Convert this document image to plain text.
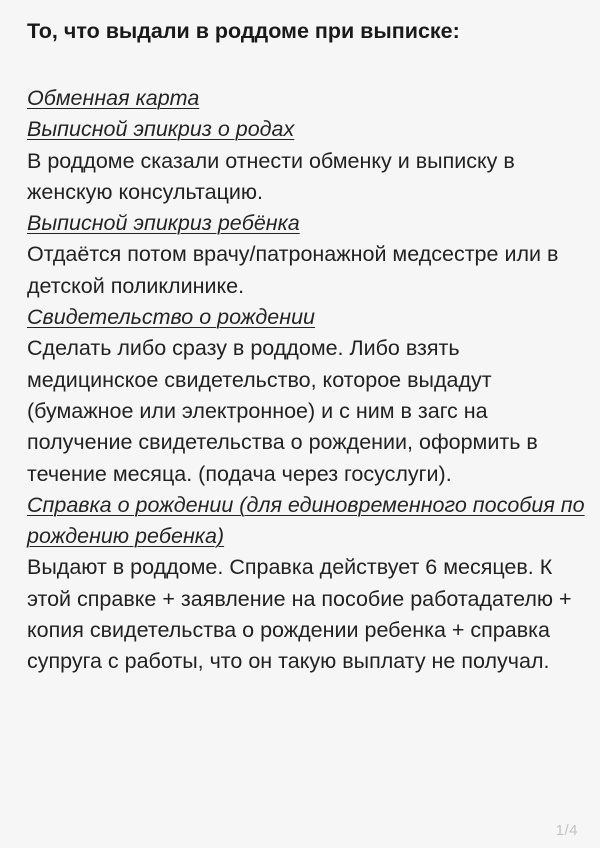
То, что выдали в роддоме при выписке:
Обменная карта
Выписной эпикриз о родах

В роддоме сказали отнести обменку и выписку в женскую консультацию.

Выписной эпикриз ребёнка

Отдаётся потом врачу/патронажной медсестре или в детской поликлинике.

Свидетельство о рождении

Сделать либо сразу в роддоме. Либо взять медицинское свидетельство, которое выдадут (бумажное или электронное) и с ним в загс на получение свидетельства о рождении, оформить в течение месяца. (подача через госуслуги).

Справка о рождении (для единовременного пособия по рождению ребенка)

Выдают в роддоме. Справка действует 6 месяцев. К этой справке + заявление на пособие работадателю + копия свидетельства о рождении ребенка + справка супруга с работы, что он такую выплату не получал.

1/4
